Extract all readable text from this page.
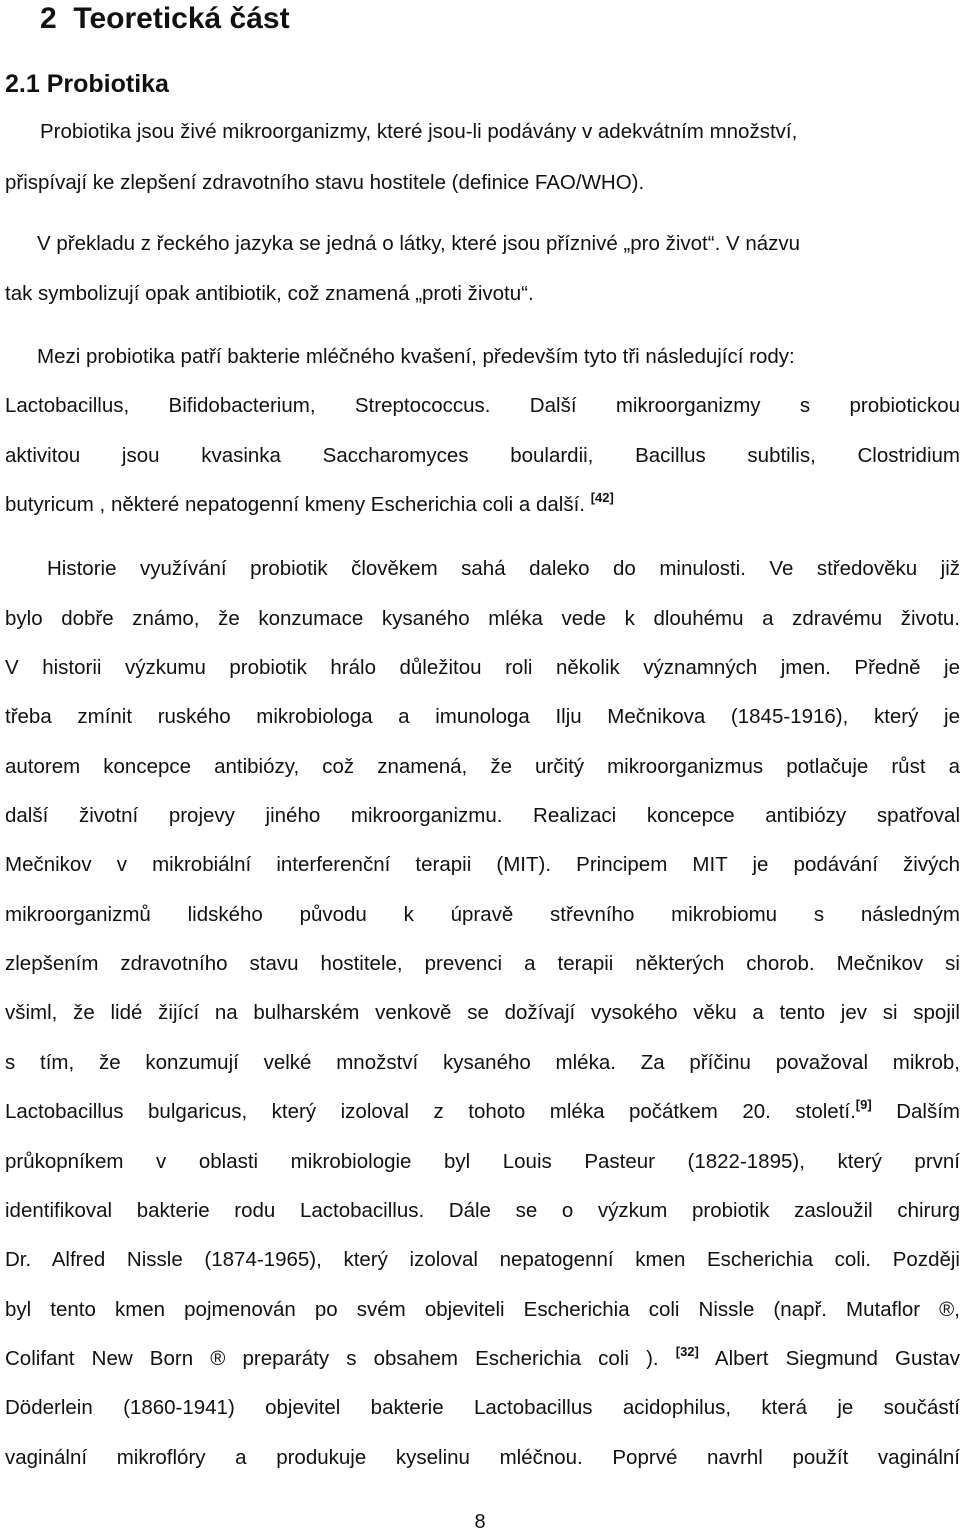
2 Teoretická část
2.1 Probiotika

Probiotika jsou živé mikroorganizmy, které jsou-li podávány v adekvátním množství,

přispívají ke zlepšení zdravotního stavu hostitele (definice FAO/WHO).

V překladu z řeckého jazyka se jedná o látky, které jsou příznivé „pro život“. V názvu

tak symbolizují opak antibiotik, což znamená „proti životu“.

Mezi probiotika patří bakterie mléčného kvašení, především tyto tři následující rody:

Lactobacillus, Bifidobacterium, Streptococcus. Další mikroorganizmy s probiotickou

aktivitou jsou kvasinka Saccharomyces boulardii, Bacillus subtilis, Clostridium

butyricum , některé nepatogenní kmeny Escherichia coli a další. [42]

Historie využívání probiotik člověkem sahá daleko do minulosti. Ve středověku již

bylo dobře známo, že konzumace kysaného mléka vede k dlouhému a zdravému životu.

V historii výzkumu probiotik hrálo důležitou roli několik významných jmen. Předně je

třeba zmínit ruského mikrobiologa a imunologa Ilju Mečnikova (1845-1916), který je

autorem koncepce antibiózy, což znamená, že určitý mikroorganizmus potlačuje růst a

další životní projevy jiného mikroorganizmu. Realizaci koncepce antibiózy spatřoval

Mečnikov v mikrobiální interferenční terapii (MIT). Principem MIT je podávání živých

mikroorganizmů lidského původu k úpravě střevního mikrobiomu s následným

zlepšením zdravotního stavu hostitele, prevenci a terapii některých chorob. Mečnikov si

všiml, že lidé žijící na bulharském venkově se dožívají vysokého věku a tento jev si spojil

s tím, že konzumují velké množství kysaného mléka. Za příčinu považoval mikrob,

Lactobacillus bulgaricus, který izoloval z tohoto mléka počátkem 20. století.[9] Dalším

průkopníkem v oblasti mikrobiologie byl Louis Pasteur (1822-1895), který první

identifikoval bakterie rodu Lactobacillus. Dále se o výzkum probiotik zasloužil chirurg

Dr. Alfred Nissle (1874-1965), který izoloval nepatogenní kmen Escherichia coli. Později

byl tento kmen pojmenován po svém objeviteli Escherichia coli Nissle (např. Mutaflor ®,

Colifant New Born ® preparáty s obsahem Escherichia coli ). [32] Albert Siegmund Gustav

Döderlein (1860-1941) objevitel bakterie Lactobacillus acidophilus, která je součástí

vaginální mikroflóry a produkuje kyselinu mléčnou. Poprvé navrhl použít vaginální

8
